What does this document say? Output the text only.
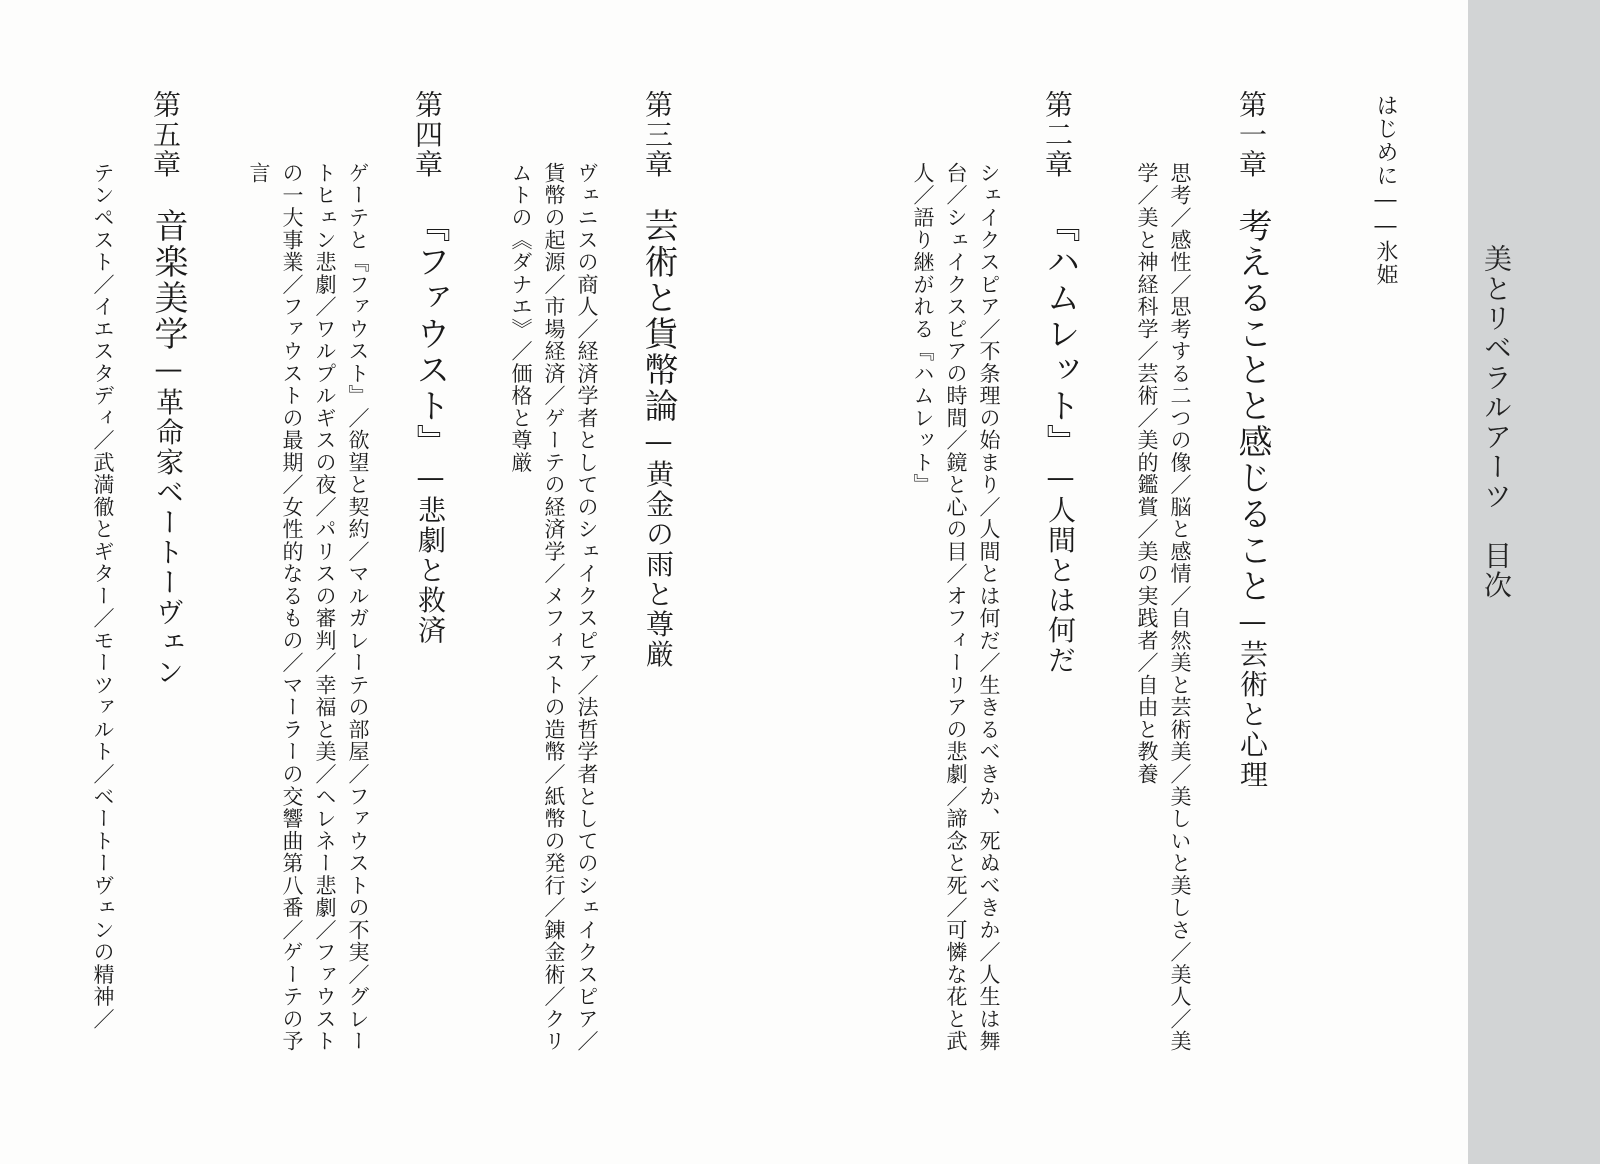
美とリベラルアーツ　目次
はじめに――氷姫
第一章
考えることと感じること—芸術と心理
思考／感性／思考する二つの像／脳と感情／自然美と芸術美／美しいと美しさ／美人／美学／美と神経科学／芸術／美的鑑賞／美の実践者／自由と教養
第二章
『ハムレット』—人間とは何だ
シェイクスピア／不条理の始まり／人間とは何だ／生きるべきか、死ぬべきか／人生は舞台／シェイクスピアの時間／鏡と心の目／オフィーリアの悲劇／諦念と死／可憐な花と武人／語り継がれる『ハムレット』
第三章
芸術と貨幣論—黄金の雨と尊厳
ヴェニスの商人／経済学者としてのシェイクスピア／法哲学者としてのシェイクスピア／貨幣の起源／市場経済／ゲーテの経済学／メフィストの造幣／紙幣の発行／錬金術／クリムトの《ダナエ》／価格と尊厳
第四章
『ファウスト』—悲劇と救済
ゲーテと『ファウスト』／欲望と契約／マルガレーテの部屋／ファウストの不実／グレートヒェン悲劇／ワルプルギスの夜／パリスの審判／幸福と美／ヘレネー悲劇／ファウストの一大事業／ファウストの最期／女性的なるもの／マーラーの交響曲第八番／ゲーテの予言
第五章
音楽美学—革命家ベートーヴェン
テンペスト／イエスタディ／武満徹とギター／モーツァルト／ベートーヴェンの精神／
